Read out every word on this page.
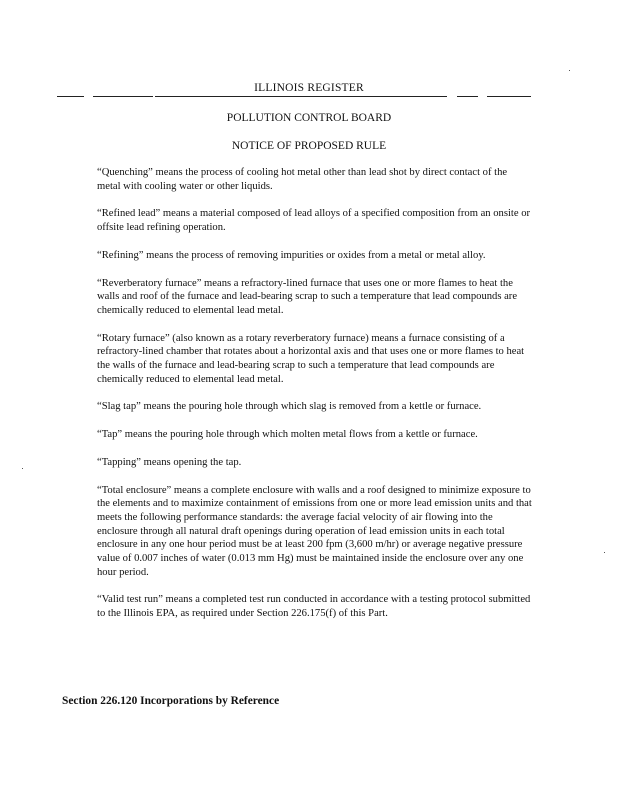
ILLINOIS REGISTER
POLLUTION CONTROL BOARD
NOTICE OF PROPOSED RULE

“Quenching” means the process of cooling hot metal other than lead shot by direct contact of the metal with cooling water or other liquids.

“Refined lead” means a material composed of lead alloys of a specified composition from an onsite or offsite lead refining operation.

“Refining” means the process of removing impurities or oxides from a metal or metal alloy.

“Reverberatory furnace” means a refractory-lined furnace that uses one or more flames to heat the walls and roof of the furnace and lead-bearing scrap to such a temperature that lead compounds are chemically reduced to elemental lead metal.

“Rotary furnace” (also known as a rotary reverberatory furnace) means a furnace consisting of a refractory-lined chamber that rotates about a horizontal axis and that uses one or more flames to heat the walls of the furnace and lead-bearing scrap to such a temperature that lead compounds are chemically reduced to elemental lead metal.

“Slag tap” means the pouring hole through which slag is removed from a kettle or furnace.

“Tap” means the pouring hole through which molten metal flows from a kettle or furnace.

“Tapping” means opening the tap.

“Total enclosure” means a complete enclosure with walls and a roof designed to minimize exposure to the elements and to maximize containment of emissions from one or more lead emission units and that meets the following performance standards: the average facial velocity of air flowing into the enclosure through all natural draft openings during operation of lead emission units in each total enclosure in any one hour period must be at least 200 fpm (3,600 m/hr) or average negative pressure value of 0.007 inches of water (0.013 mm Hg) must be maintained inside the enclosure over any one hour period.

“Valid test run” means a completed test run conducted in accordance with a testing protocol submitted to the Illinois EPA, as required under Section 226.175(f) of this Part.

Section 226.120 Incorporations by Reference
